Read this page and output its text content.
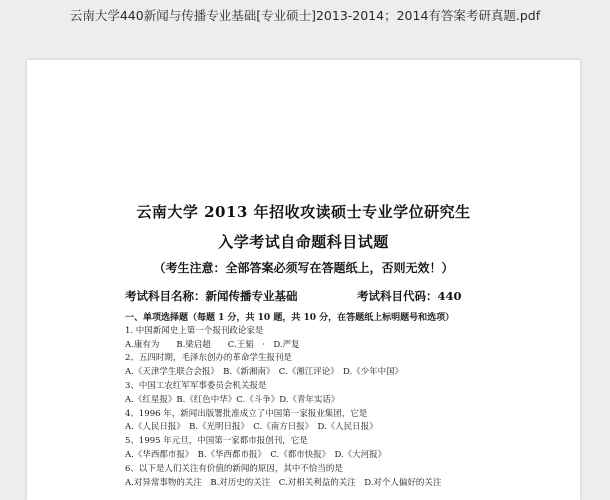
云南大学440新闻与传播专业基础[专业硕士]2013-2014；2014有答案考研真题.pdf
云南大学 2013 年招收攻读硕士专业学位研究生
入学考试自命题科目试题
（考生注意：全部答案必须写在答题纸上，否则无效！）
考试科目名称：新闻传播专业基础	考试科目代码：440
一、单项选择题（每题 1 分，共 10 题，共 10 分，在答题纸上标明题号和选项）
1. 中国新闻史上第一个报刊政论家是
A.康有为　　B.梁启超　　C.王韬　·　D.严复
2、五四时期，毛泽东创办的革命学生报刊是
A.《天津学生联合会报》　B.《新湘南》　C.《湘江评论》　D.《少年中国》
3、中国工农红军军事委员会机关报是
A.《红星报》B.《红色中华》C.《斗争》D.《青年实话》
4、1996 年，新闻出版署批准成立了中国第一家报业集团，它是
A.《人民日报》　B.《光明日报》　C.《南方日报》　D.《人民日报》
5、1995 年元旦，中国第一家都市报创刊，它是
A.《华西都市报》　B.《华西都市报》　C.《都市快报》　D.《大河报》
6、以下是人们关注有价值的新闻的原因，其中不恰当的是
A.对异常事物的关注　B.对历史的关注　C.对相关利益的关注　D.对个人偏好的关注
